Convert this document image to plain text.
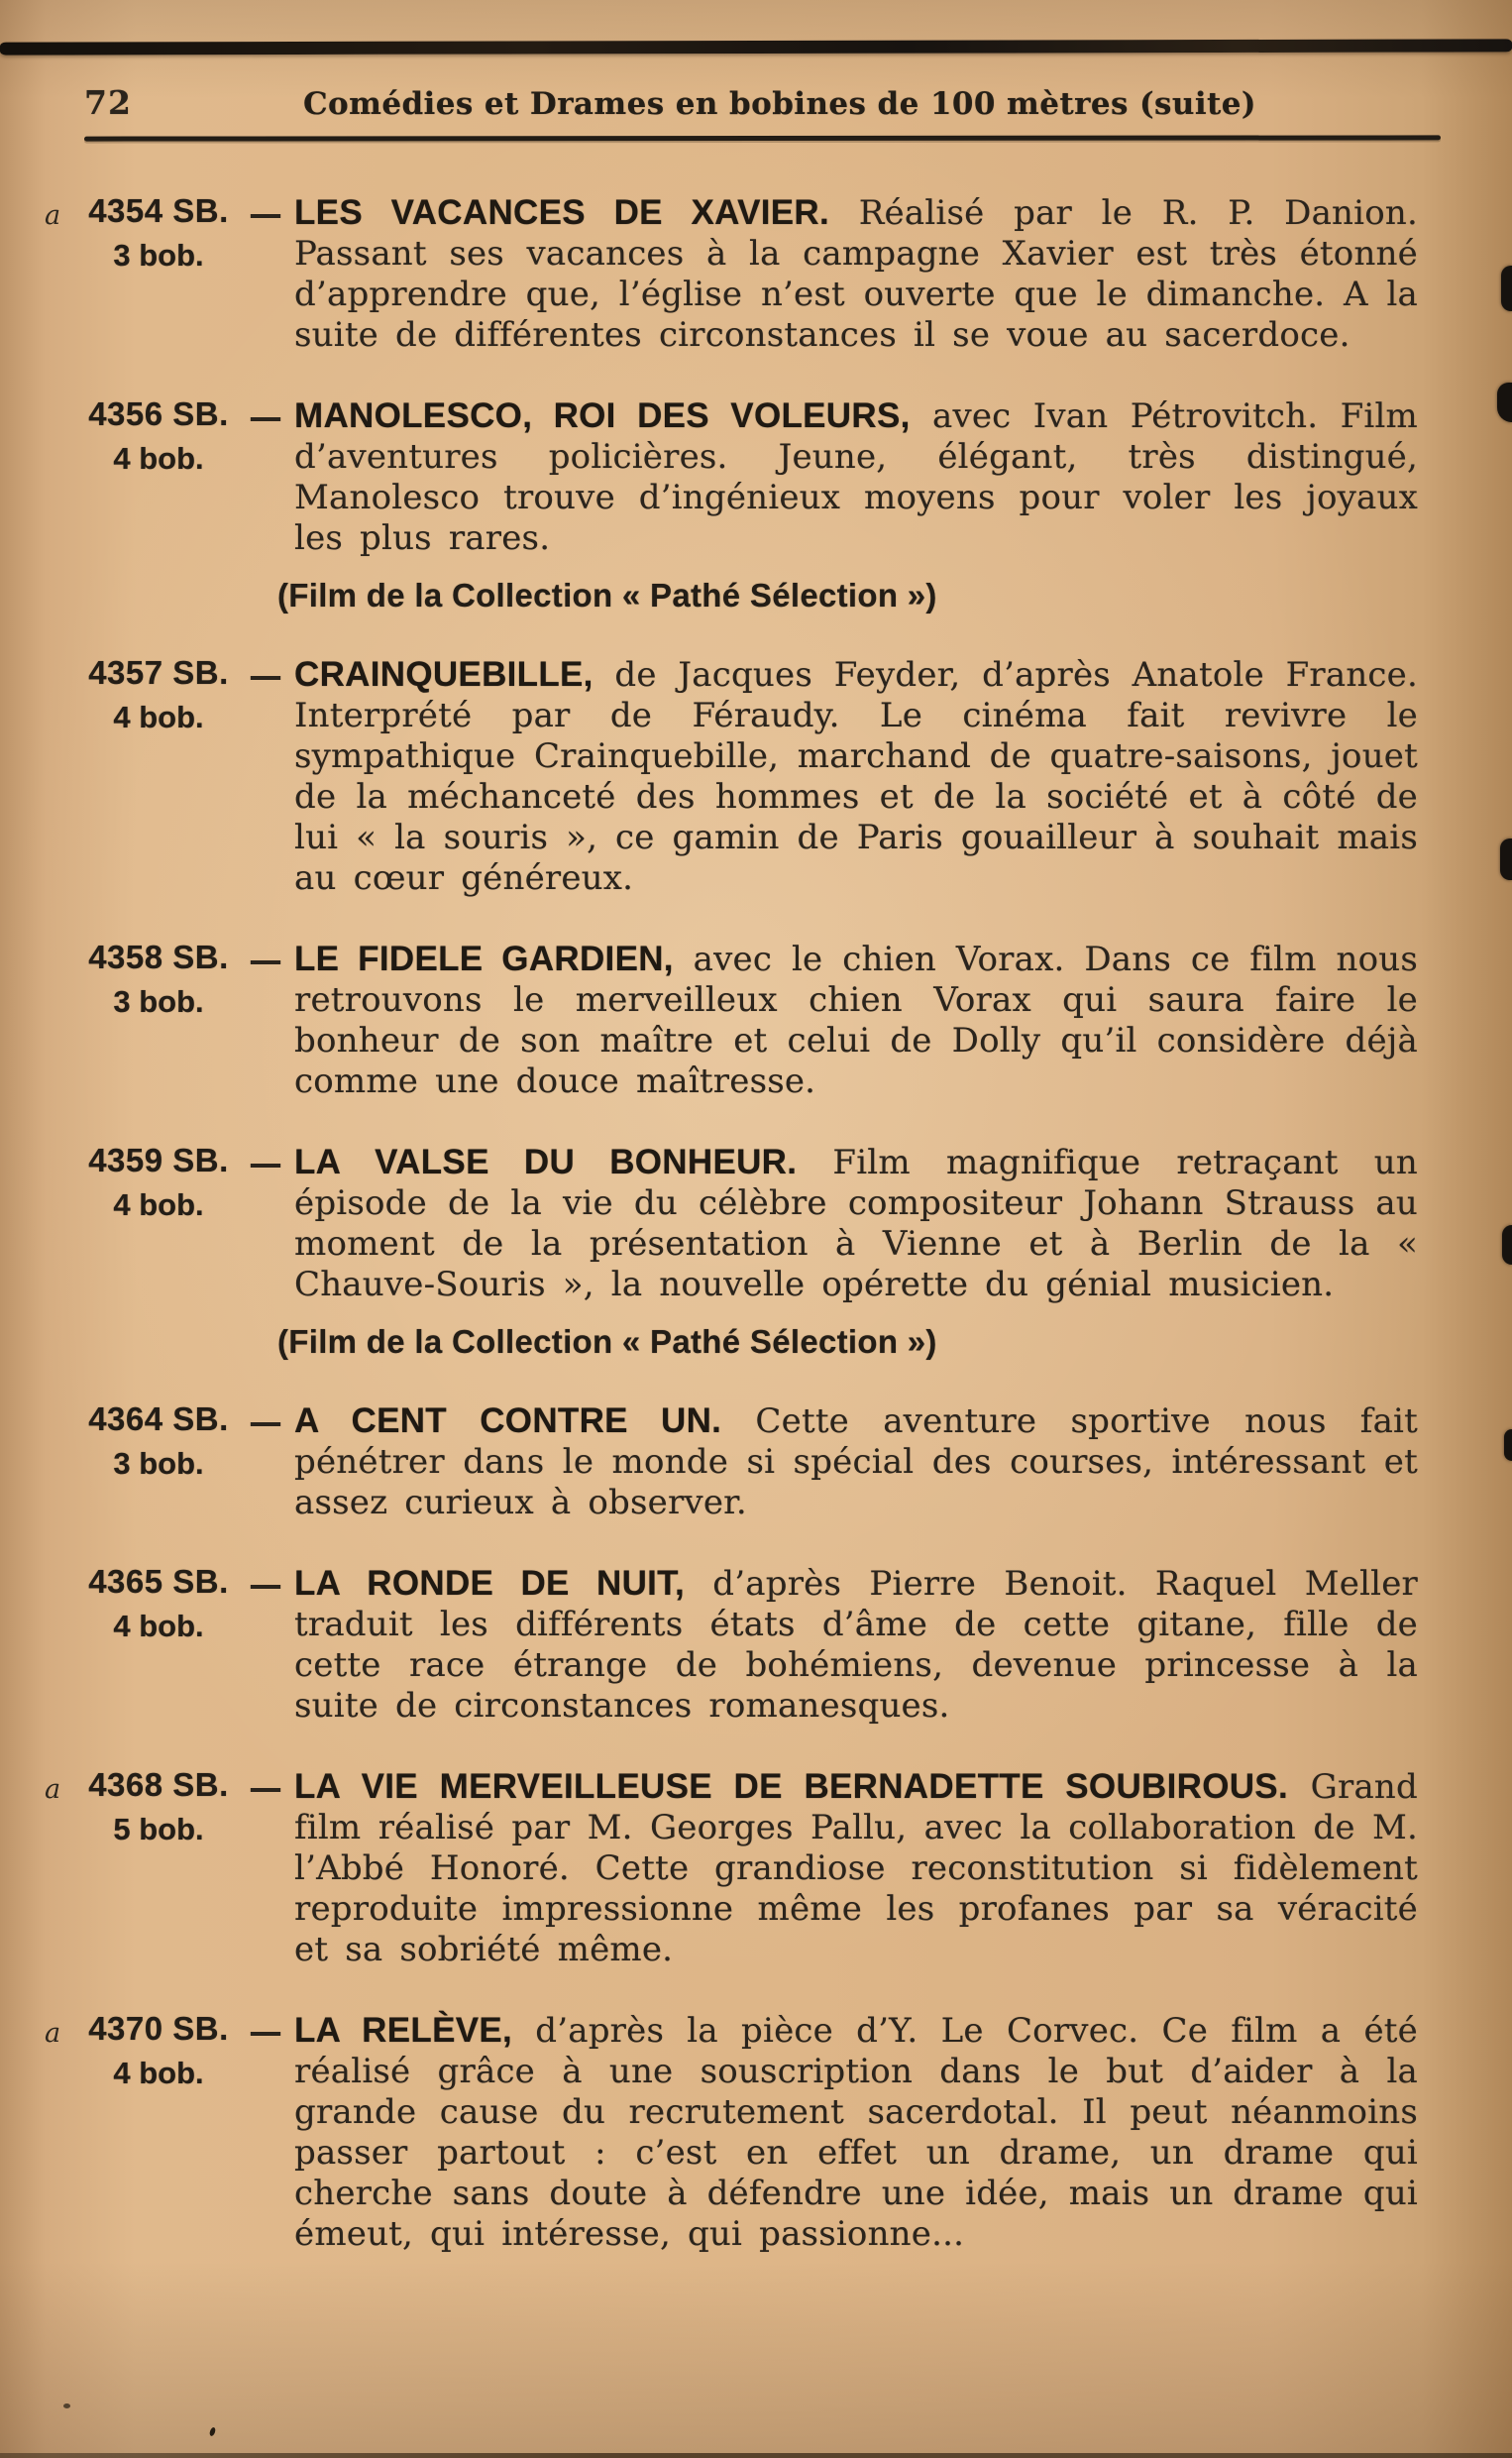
72	Comédies et Drames en bobines de 100 mètres (suite)
a 4354 SB.
3 bob.
— LES VACANCES DE XAVIER. Réalisé par le R. P. Danion. Passant ses vacances à la campagne Xavier est très étonné d’apprendre que, l’église n’est ouverte que le dimanche. A la suite de différentes circonstances il se voue au sacerdoce.

4356 SB.
4 bob.
— MANOLESCO, ROI DES VOLEURS, avec Ivan Pétrovitch. Film d’aventures policières. Jeune, élégant, très distingué, Manolesco trouve d’ingénieux moyens pour voler les joyaux les plus rares.

(Film de la Collection « Pathé Sélection »)

4357 SB.
4 bob.
— CRAINQUEBILLE, de Jacques Feyder, d’après Anatole France. Interprété par de Féraudy. Le cinéma fait revivre le sympathique Crainquebille, marchand de quatre-saisons, jouet de la méchanceté des hommes et de la société et à côté de lui « la souris », ce gamin de Paris gouailleur à souhait mais au cœur généreux.

4358 SB.
3 bob.
— LE FIDELE GARDIEN, avec le chien Vorax. Dans ce film nous retrouvons le merveilleux chien Vorax qui saura faire le bonheur de son maître et celui de Dolly qu’il considère déjà comme une douce maîtresse.

4359 SB.
4 bob.
— LA VALSE DU BONHEUR. Film magnifique retraçant un épisode de la vie du célèbre compositeur Johann Strauss au moment de la présentation à Vienne et à Berlin de la « Chauve-Souris », la nouvelle opérette du génial musicien.

(Film de la Collection « Pathé Sélection »)

4364 SB.
3 bob.
— A CENT CONTRE UN. Cette aventure sportive nous fait pénétrer dans le monde si spécial des courses, intéressant et assez curieux à observer.

4365 SB.
4 bob.
— LA RONDE DE NUIT, d’après Pierre Benoit. Raquel Meller traduit les différents états d’âme de cette gitane, fille de cette race étrange de bohémiens, devenue princesse à la suite de circonstances romanesques.

a 4368 SB.
5 bob.
— LA VIE MERVEILLEUSE DE BERNADETTE SOUBIROUS. Grand film réalisé par M. Georges Pallu, avec la collaboration de M. l’Abbé Honoré. Cette grandiose reconstitution si fidèlement reproduite impressionne même les profanes par sa véracité et sa sobriété même.

a 4370 SB.
4 bob.
— LA RELÈVE, d’après la pièce d’Y. Le Corvec. Ce film a été réalisé grâce à une souscription dans le but d’aider à la grande cause du recrutement sacerdotal. Il peut néanmoins passer partout : c’est en effet un drame, un drame qui cherche sans doute à défendre une idée, mais un drame qui émeut, qui intéresse, qui passionne...
